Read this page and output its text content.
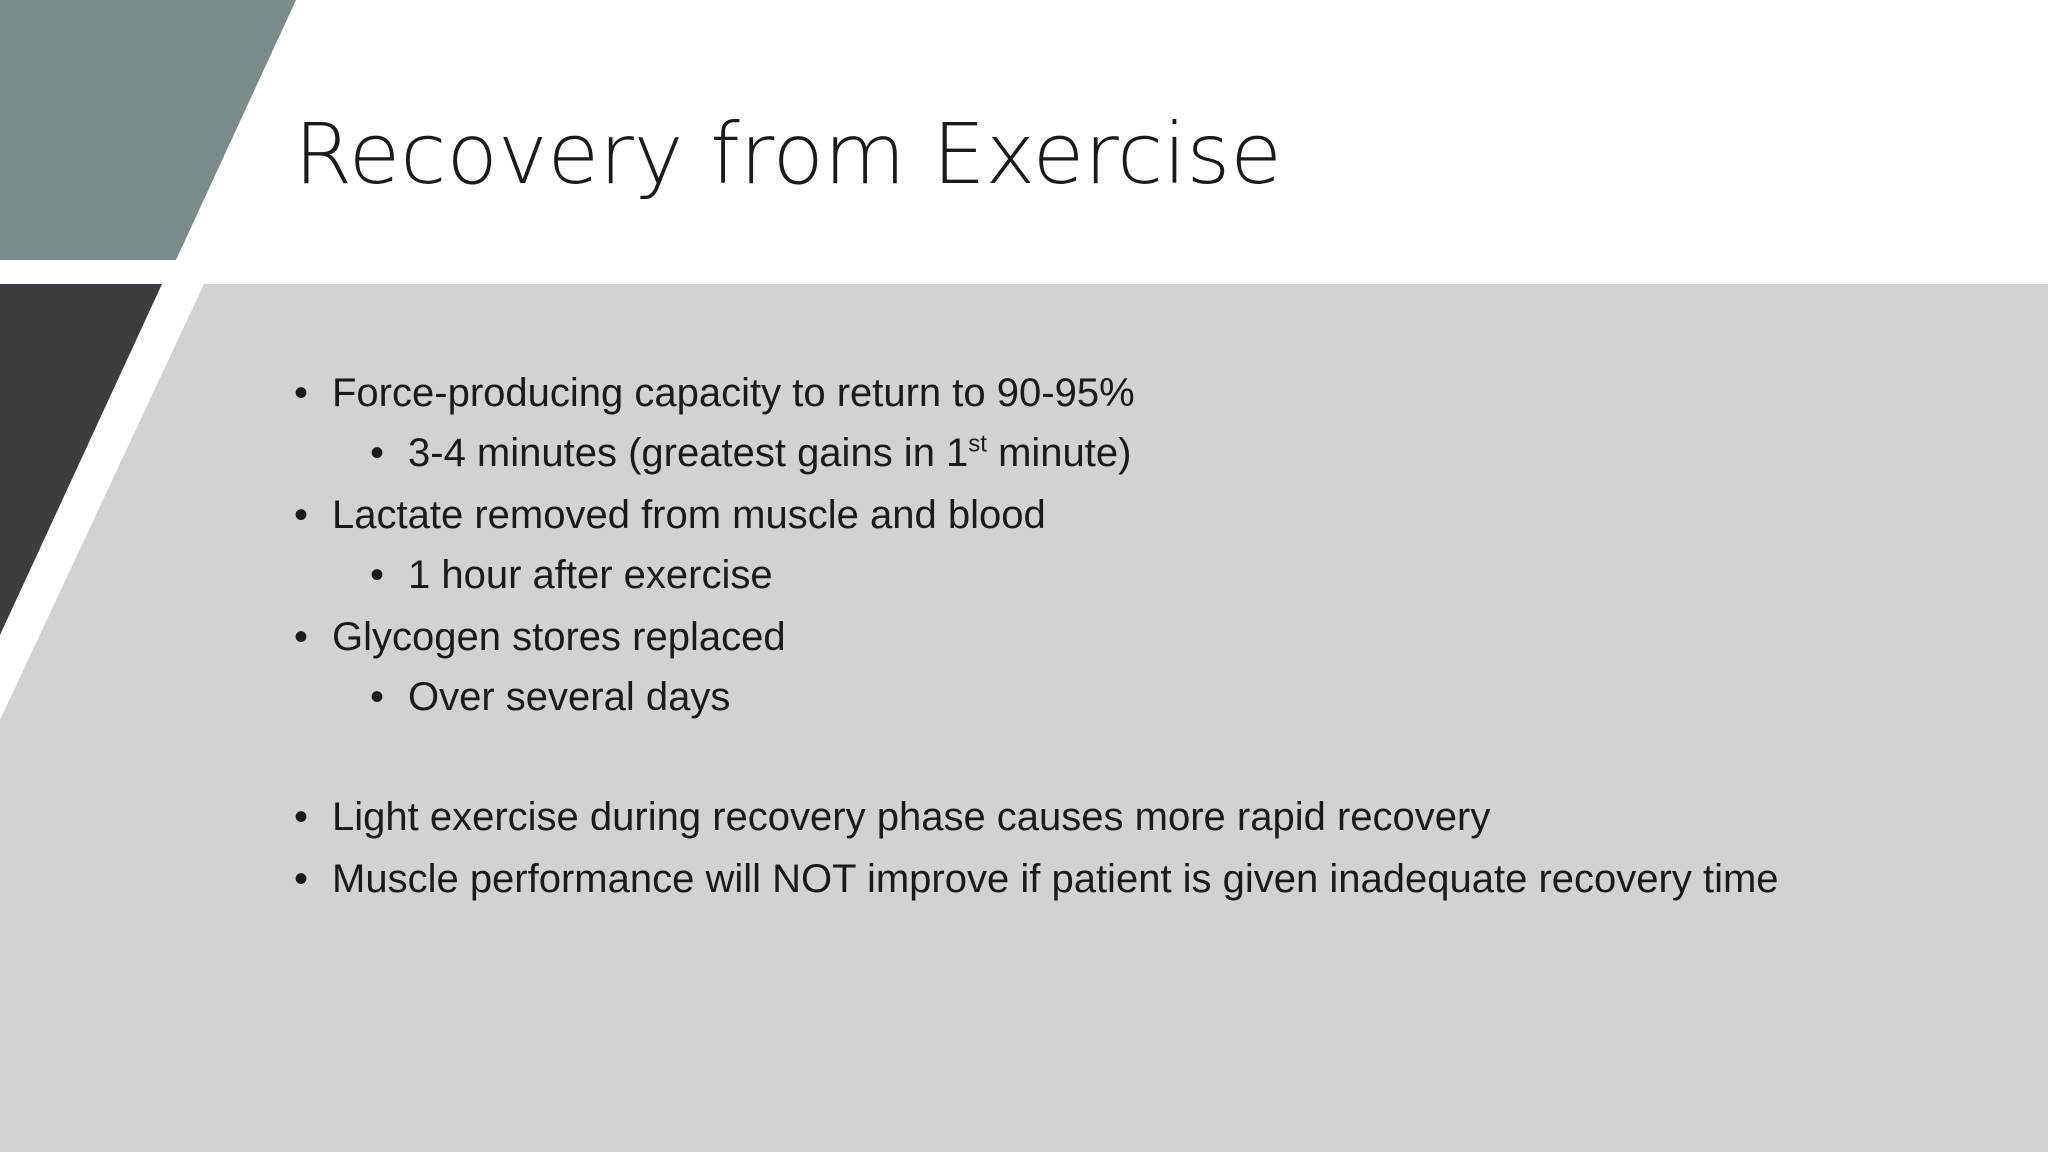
Recovery from Exercise

• Force-producing capacity to return to 90-95%

• 3-4 minutes (greatest gains in 1st minute)

• Lactate removed from muscle and blood

• 1 hour after exercise

• Glycogen stores replaced

• Over several days

• Light exercise during recovery phase causes more rapid recovery

• Muscle performance will NOT improve if patient is given inadequate recovery time
